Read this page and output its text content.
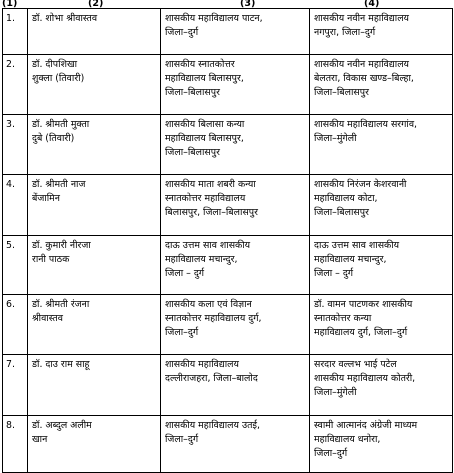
(1)	(2)	(3)	(4)
1.	डॉ. शोभा श्रीवास्तव	शासकीय महाविद्यालय पाटन,
जिला–दुर्ग	शासकीय नवीन महाविद्यालय
नगपुरा, जिला–दुर्ग

2.	डॉ. दीपशिखा
शुक्ला (तिवारी)	शासकीय स्नातकोत्तर
महाविद्यालय बिलासपुर,
जिला–बिलासपुर	शासकीय नवीन महाविद्यालय
बेलतरा, विकास खण्ड–बिल्हा,
जिला–बिलासपुर

3.	डॉ. श्रीमती मुक्ता
दुबे (तिवारी)	शासकीय बिलासा कन्या
महाविद्यालय बिलासपुर,
जिला–बिलासपुर	शासकीय महाविद्यालय सरगांव,
जिला–मुंगेली

4.	डॉ. श्रीमती नाज
बेंजामिन	शासकीय माता शबरी कन्या
स्नातकोत्तर महाविद्यालय
बिलासपुर, जिला–बिलासपुर	शासकीय निरंजन केशरवानी
महाविद्यालय कोटा,
जिला–बिलासपुर

5.	डॉ. कुमारी नीरजा
रानी पाठक	दाऊ उत्तम साव शासकीय
महाविद्यालय मचान्दुर,
जिला – दुर्ग	दाऊ उत्तम साव शासकीय
महाविद्यालय मचान्दुर,
जिला – दुर्ग

6.	डॉ. श्रीमती रंजना
श्रीवास्तव	शासकीय कला एवं विज्ञान
स्नातकोत्तर महाविद्यालय दुर्ग,
जिला–दुर्ग	डॉ. वामन पाटणकर शासकीय
स्नातकोत्तर कन्या
महाविद्यालय दुर्ग, जिला–दुर्ग

7.	डॉ. दाउ राम साहू	शासकीय महाविद्यालय
दल्लीराजहरा, जिला–बालोद	सरदार वल्लभ भाई पटेल
शासकीय महाविद्यालय कोतरी,
जिला–मुंगेली

8.	डॉ. अब्दुल अलीम
खान	शासकीय महाविद्यालय उतई,
जिला–दुर्ग	स्वामी आत्मानंद अंग्रेजी माध्यम
महाविद्यालय धनोरा,
जिला–दुर्ग
